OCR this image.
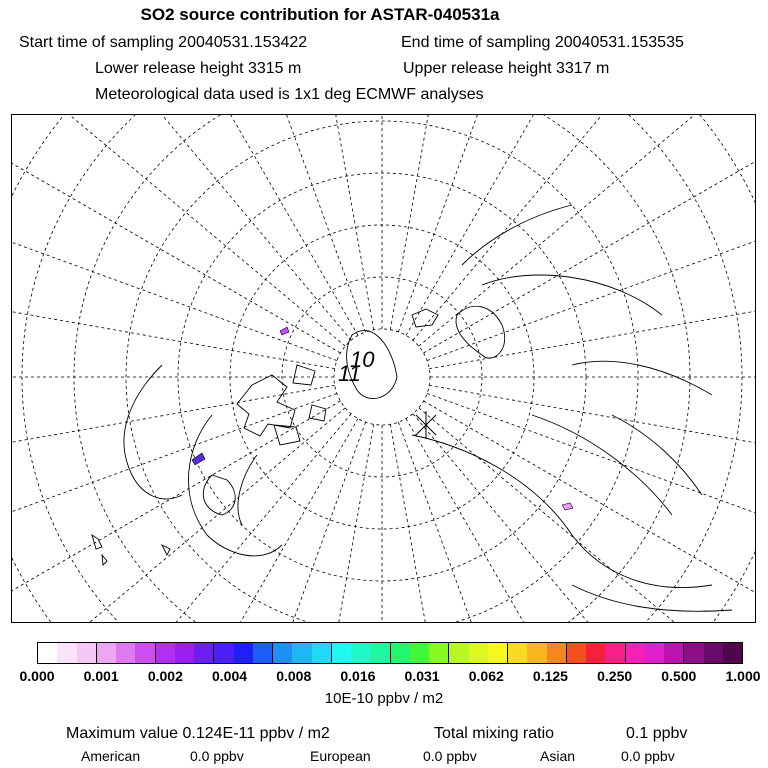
SO2 source contribution for ASTAR-040531a
Start time of sampling 20040531.153422	End time of sampling 20040531.153535
Lower release height 3315 m	Upper release height 3317 m
Meteorological data used is 1x1 deg ECMWF analyses
11
10
0.000 0.001 0.002 0.004 0.008 0.016 0.031 0.062 0.125 0.250 0.500 1.000
10E-10 ppbv / m2
Maximum value 0.124E-11 ppbv / m2	Total mixing ratio	0.1 ppbv
American	0.0 ppbv	European	0.0 ppbv	Asian	0.0 ppbv
